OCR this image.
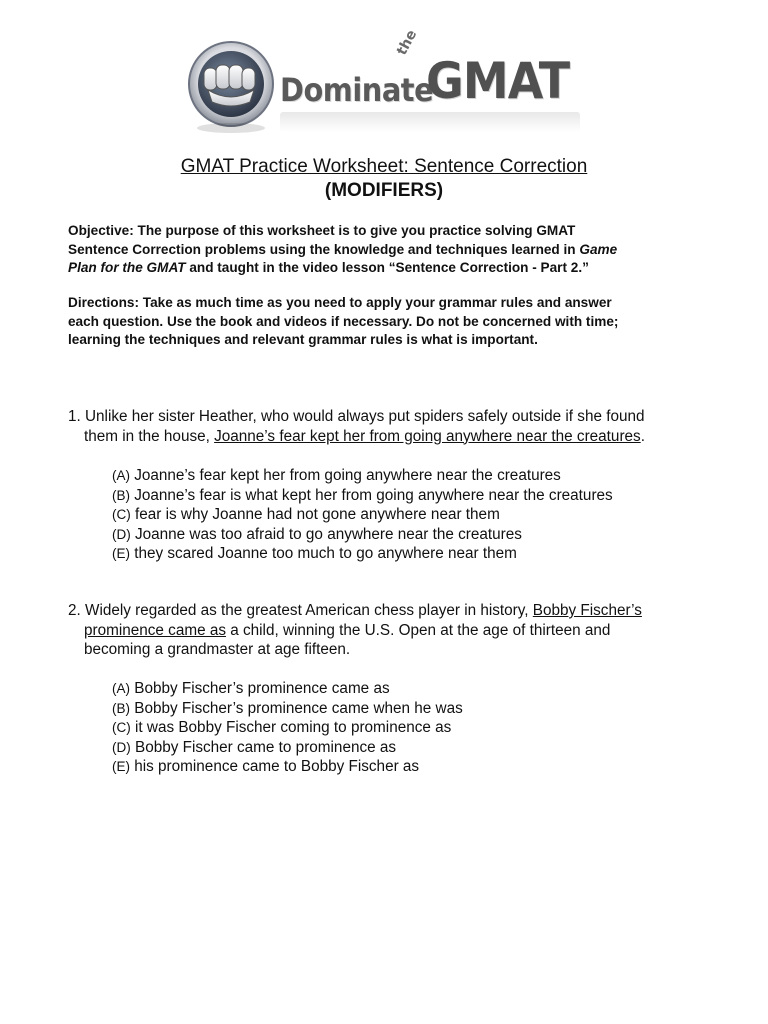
Dominate
the
GMAT
GMAT Practice Worksheet: Sentence Correction
(MODIFIERS)
Objective: The purpose of this worksheet is to give you practice solving GMAT
Sentence Correction problems using the knowledge and techniques learned in Game
Plan for the GMAT and taught in the video lesson “Sentence Correction - Part 2.”
Directions: Take as much time as you need to apply your grammar rules and answer
each question. Use the book and videos if necessary. Do not be concerned with time;
learning the techniques and relevant grammar rules is what is important.
1. Unlike her sister Heather, who would always put spiders safely outside if she found
them in the house, Joanne’s fear kept her from going anywhere near the creatures.
(A) Joanne’s fear kept her from going anywhere near the creatures
(B) Joanne’s fear is what kept her from going anywhere near the creatures
(C) fear is why Joanne had not gone anywhere near them
(D) Joanne was too afraid to go anywhere near the creatures
(E) they scared Joanne too much to go anywhere near them
2. Widely regarded as the greatest American chess player in history, Bobby Fischer’s
prominence came as a child, winning the U.S. Open at the age of thirteen and
becoming a grandmaster at age fifteen.
(A) Bobby Fischer’s prominence came as
(B) Bobby Fischer’s prominence came when he was
(C) it was Bobby Fischer coming to prominence as
(D) Bobby Fischer came to prominence as
(E) his prominence came to Bobby Fischer as
